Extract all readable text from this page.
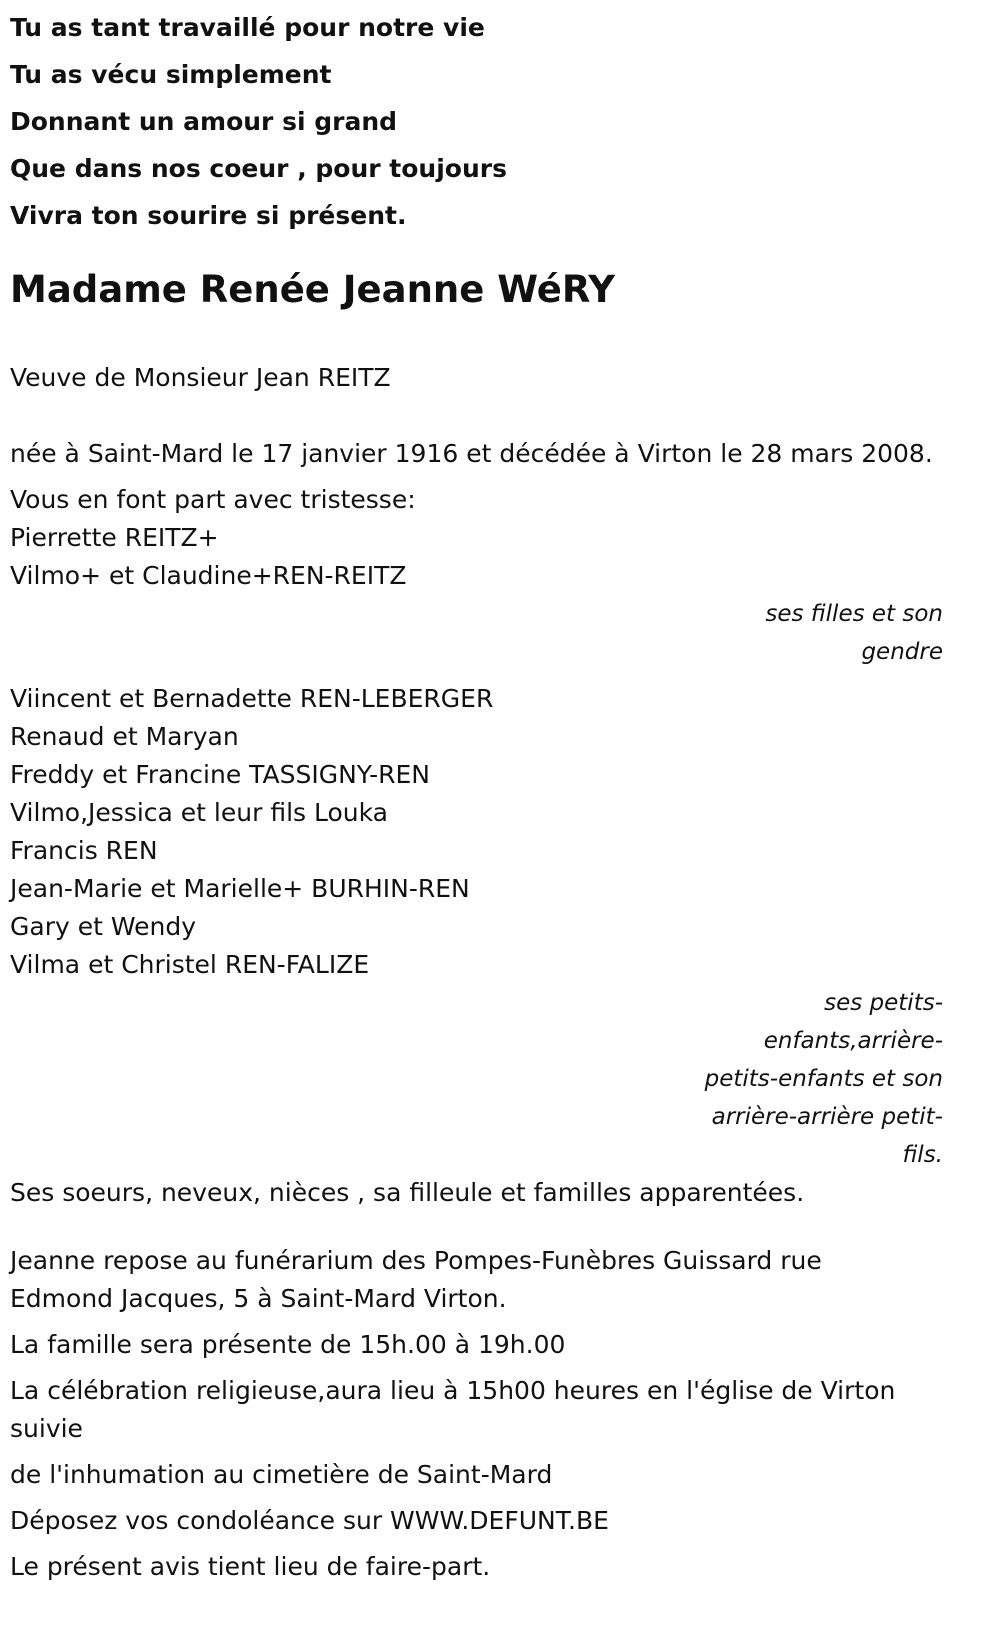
Tu as tant travaillé pour notre vie

Tu as vécu simplement

Donnant un amour si grand

Que dans nos coeur , pour toujours

Vivra ton sourire si présent.

Madame Renée Jeanne WéRY

Veuve de Monsieur Jean REITZ

née à Saint-Mard le 17 janvier 1916 et décédée à Virton le 28 mars 2008.

Vous en font part avec tristesse:

Pierrette REITZ+

Vilmo+ et Claudine+REN-REITZ

ses filles et son gendre

Viincent et Bernadette REN-LEBERGER

Renaud et Maryan

Freddy et Francine TASSIGNY-REN

Vilmo,Jessica et leur fils Louka

Francis REN

Jean-Marie et Marielle+ BURHIN-REN

Gary et Wendy

Vilma et Christel REN-FALIZE

ses petits-enfants,arrière-petits-enfants et son arrière-arrière petit-fils.

Ses soeurs, neveux, nièces , sa filleule et familles apparentées.

Jeanne repose au funérarium des Pompes-Funèbres Guissard rue Edmond Jacques, 5 à Saint-Mard Virton.

La famille sera présente de 15h.00 à 19h.00

La célébration religieuse,aura lieu à 15h00 heures en l'église de Virton suivie

de l'inhumation au cimetière de Saint-Mard

Déposez vos condoléance sur WWW.DEFUNT.BE

Le présent avis tient lieu de faire-part.
